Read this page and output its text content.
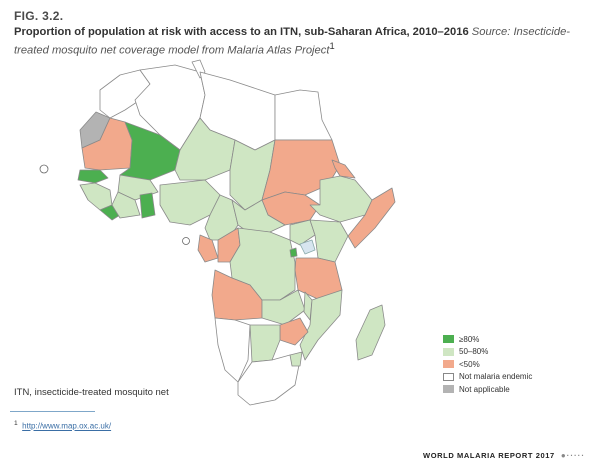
FIG. 3.2.
Proportion of population at risk with access to an ITN, sub-Saharan Africa, 2010–2016 Source: Insecticide-treated mosquito net coverage model from Malaria Atlas Project$^1$
≥80%
50–80%
<50%
Not malaria endemic
Not applicable
ITN, insecticide-treated mosquito net
$^1$ http://www.map.ox.ac.uk/
WORLD MALARIA REPORT 2017 ●·····
